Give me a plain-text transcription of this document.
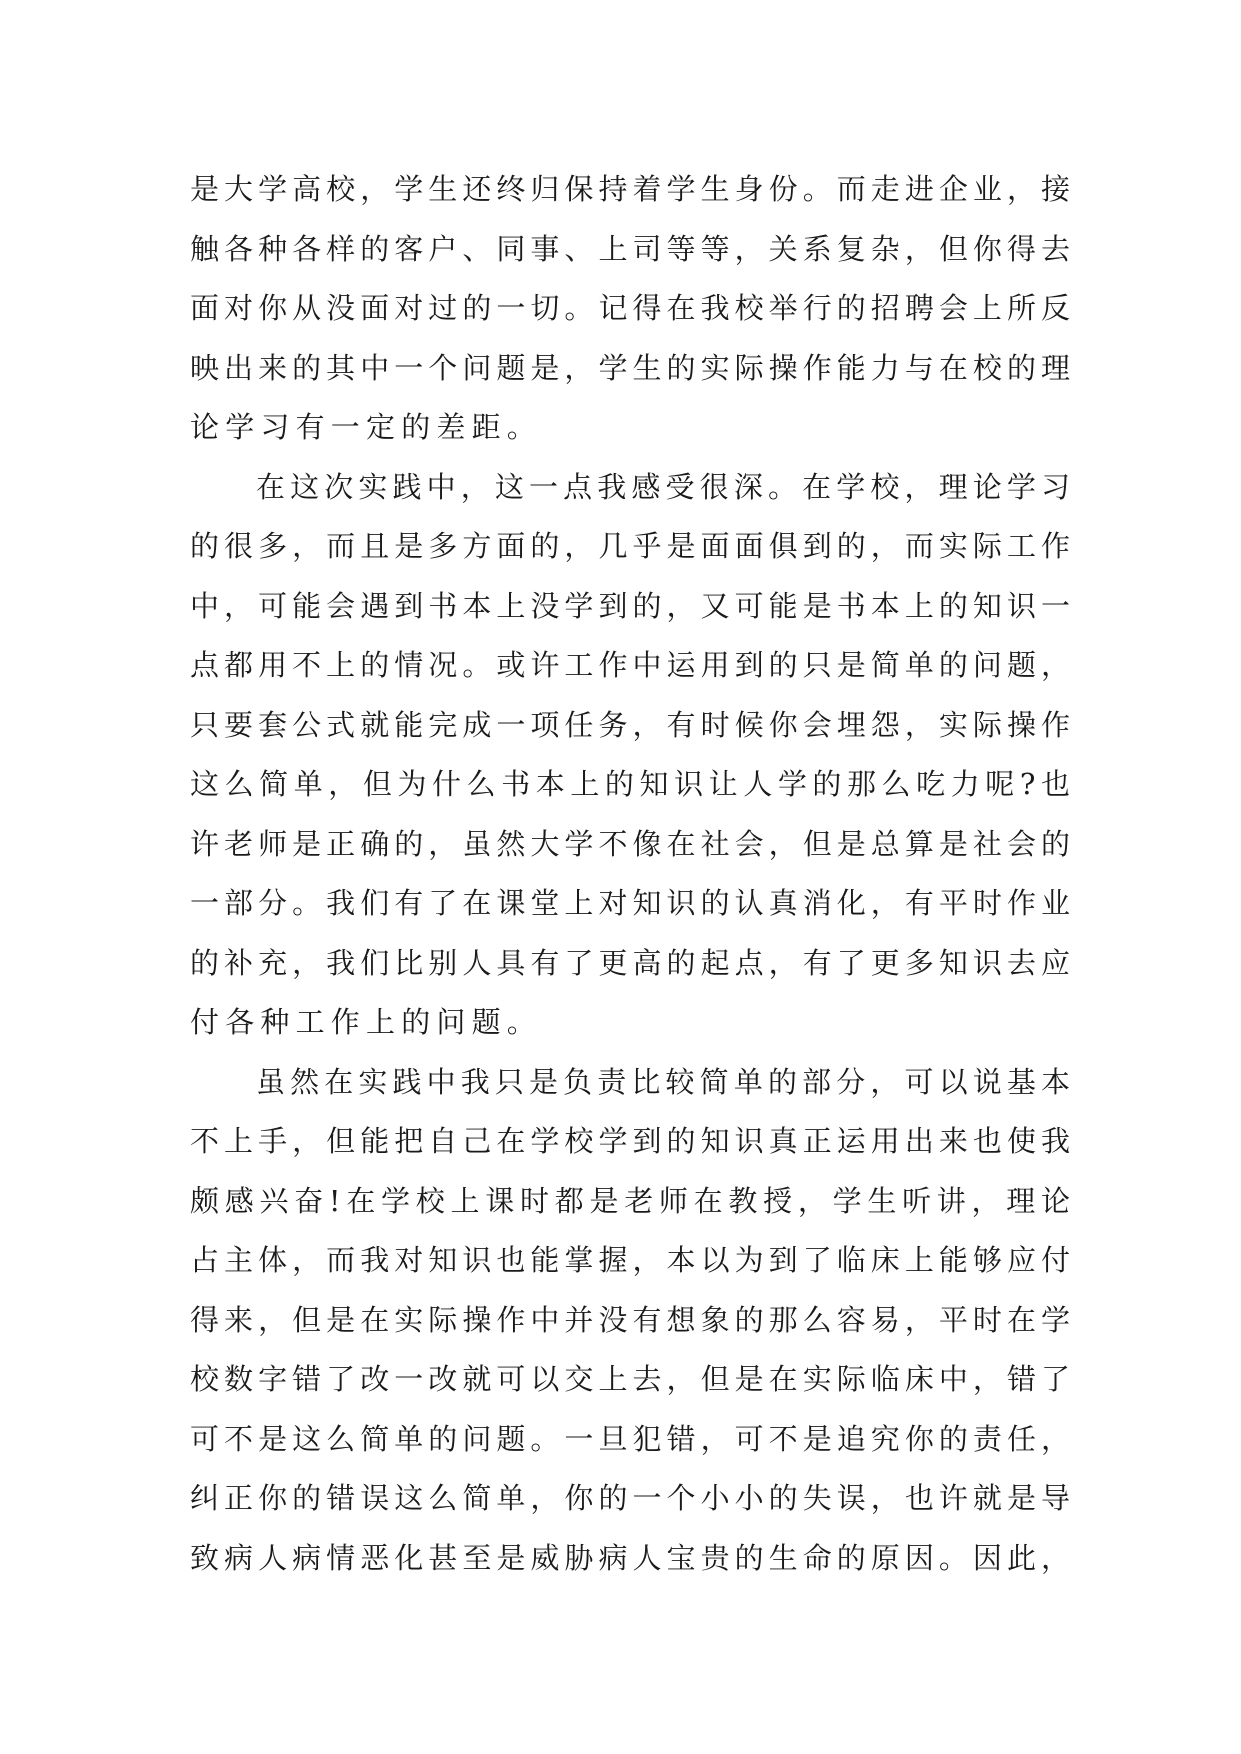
是大学高校，学生还终归保持着学生身份。而走进企业，接
触各种各样的客户、同事、上司等等，关系复杂，但你得去
面对你从没面对过的一切。记得在我校举行的招聘会上所反
映出来的其中一个问题是，学生的实际操作能力与在校的理
论学习有一定的差距。
在这次实践中，这一点我感受很深。在学校，理论学习
的很多，而且是多方面的，几乎是面面俱到的，而实际工作
中，可能会遇到书本上没学到的，又可能是书本上的知识一
点都用不上的情况。或许工作中运用到的只是简单的问题，
只要套公式就能完成一项任务，有时候你会埋怨，实际操作
这么简单，但为什么书本上的知识让人学的那么吃力呢?也
许老师是正确的，虽然大学不像在社会，但是总算是社会的
一部分。我们有了在课堂上对知识的认真消化，有平时作业
的补充，我们比别人具有了更高的起点，有了更多知识去应
付各种工作上的问题。
虽然在实践中我只是负责比较简单的部分，可以说基本
不上手，但能把自己在学校学到的知识真正运用出来也使我
颇感兴奋!在学校上课时都是老师在教授，学生听讲，理论
占主体，而我对知识也能掌握，本以为到了临床上能够应付
得来，但是在实际操作中并没有想象的那么容易，平时在学
校数字错了改一改就可以交上去，但是在实际临床中，错了
可不是这么简单的问题。一旦犯错，可不是追究你的责任，
纠正你的错误这么简单，你的一个小小的失误，也许就是导
致病人病情恶化甚至是威胁病人宝贵的生命的原因。因此，
